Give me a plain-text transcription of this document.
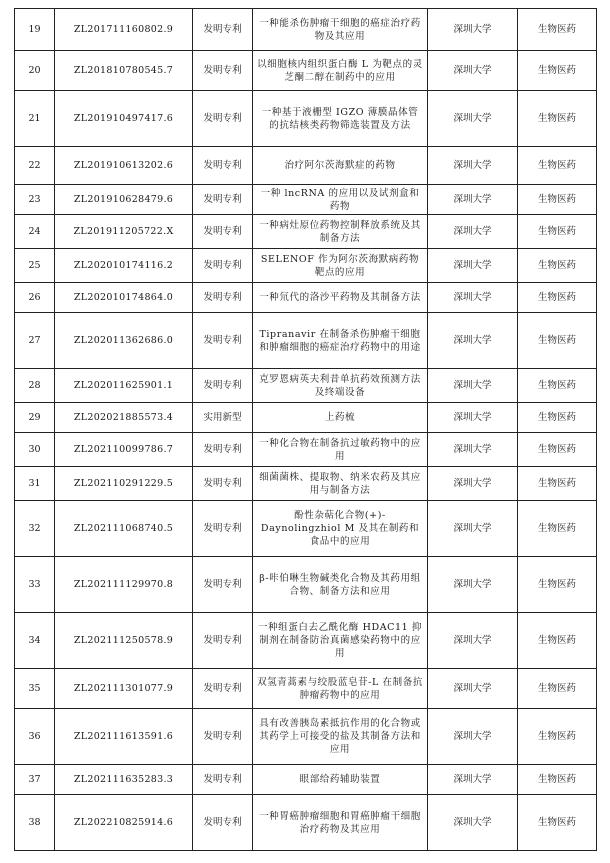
19	ZL201711160802.9	发明专利	一种能杀伤肿瘤干细胞的癌症治疗药物及其应用	深圳大学	生物医药
20	ZL201810780545.7	发明专利	以细胞核内组织蛋白酶 L 为靶点的灵芝酮二醇在制药中的应用	深圳大学	生物医药
21	ZL201910497417.6	发明专利	一种基于液栅型 IGZO 薄膜晶体管的抗结核类药物筛选装置及方法	深圳大学	生物医药
22	ZL201910613202.6	发明专利	治疗阿尔茨海默症的药物	深圳大学	生物医药
23	ZL201910628479.6	发明专利	一种 lncRNA 的应用以及试剂盒和药物	深圳大学	生物医药
24	ZL201911205722.X	发明专利	一种病灶原位药物控制释放系统及其制备方法	深圳大学	生物医药
25	ZL202010174116.2	发明专利	SELENOF 作为阿尔茨海默病药物靶点的应用	深圳大学	生物医药
26	ZL202010174864.0	发明专利	一种氘代的洛沙平药物及其制备方法	深圳大学	生物医药
27	ZL202011362686.0	发明专利	Tipranavir 在制备杀伤肿瘤干细胞和肿瘤细胞的癌症治疗药物中的用途	深圳大学	生物医药
28	ZL202011625901.1	发明专利	克罗恩病英夫利昔单抗药效预测方法及终端设备	深圳大学	生物医药
29	ZL202021885573.4	实用新型	上药梳	深圳大学	生物医药
30	ZL202110099786.7	发明专利	一种化合物在制备抗过敏药物中的应用	深圳大学	生物医药
31	ZL202110291229.5	发明专利	细菌菌株、提取物、纳米农药及其应用与制备方法	深圳大学	生物医药
32	ZL202111068740.5	发明专利	酚性杂萜化合物(+)-Daynolingzhiol M 及其在制药和食品中的应用	深圳大学	生物医药
33	ZL202111129970.8	发明专利	β-咔伯啉生物碱类化合物及其药用组合物、制备方法和应用	深圳大学	生物医药
34	ZL202111250578.9	发明专利	一种组蛋白去乙酰化酶 HDAC11 抑制剂在制备防治真菌感染药物中的应用	深圳大学	生物医药
35	ZL202111301077.9	发明专利	双氢青蒿素与绞股蓝皂苷-L 在制备抗肿瘤药物中的应用	深圳大学	生物医药
36	ZL202111613591.6	发明专利	具有改善胰岛素抵抗作用的化合物或其药学上可接受的盐及其制备方法和应用	深圳大学	生物医药
37	ZL202111635283.3	发明专利	眼部给药辅助装置	深圳大学	生物医药
38	ZL202210825914.6	发明专利	一种胃癌肿瘤细胞和胃癌肿瘤干细胞治疗药物及其应用	深圳大学	生物医药
